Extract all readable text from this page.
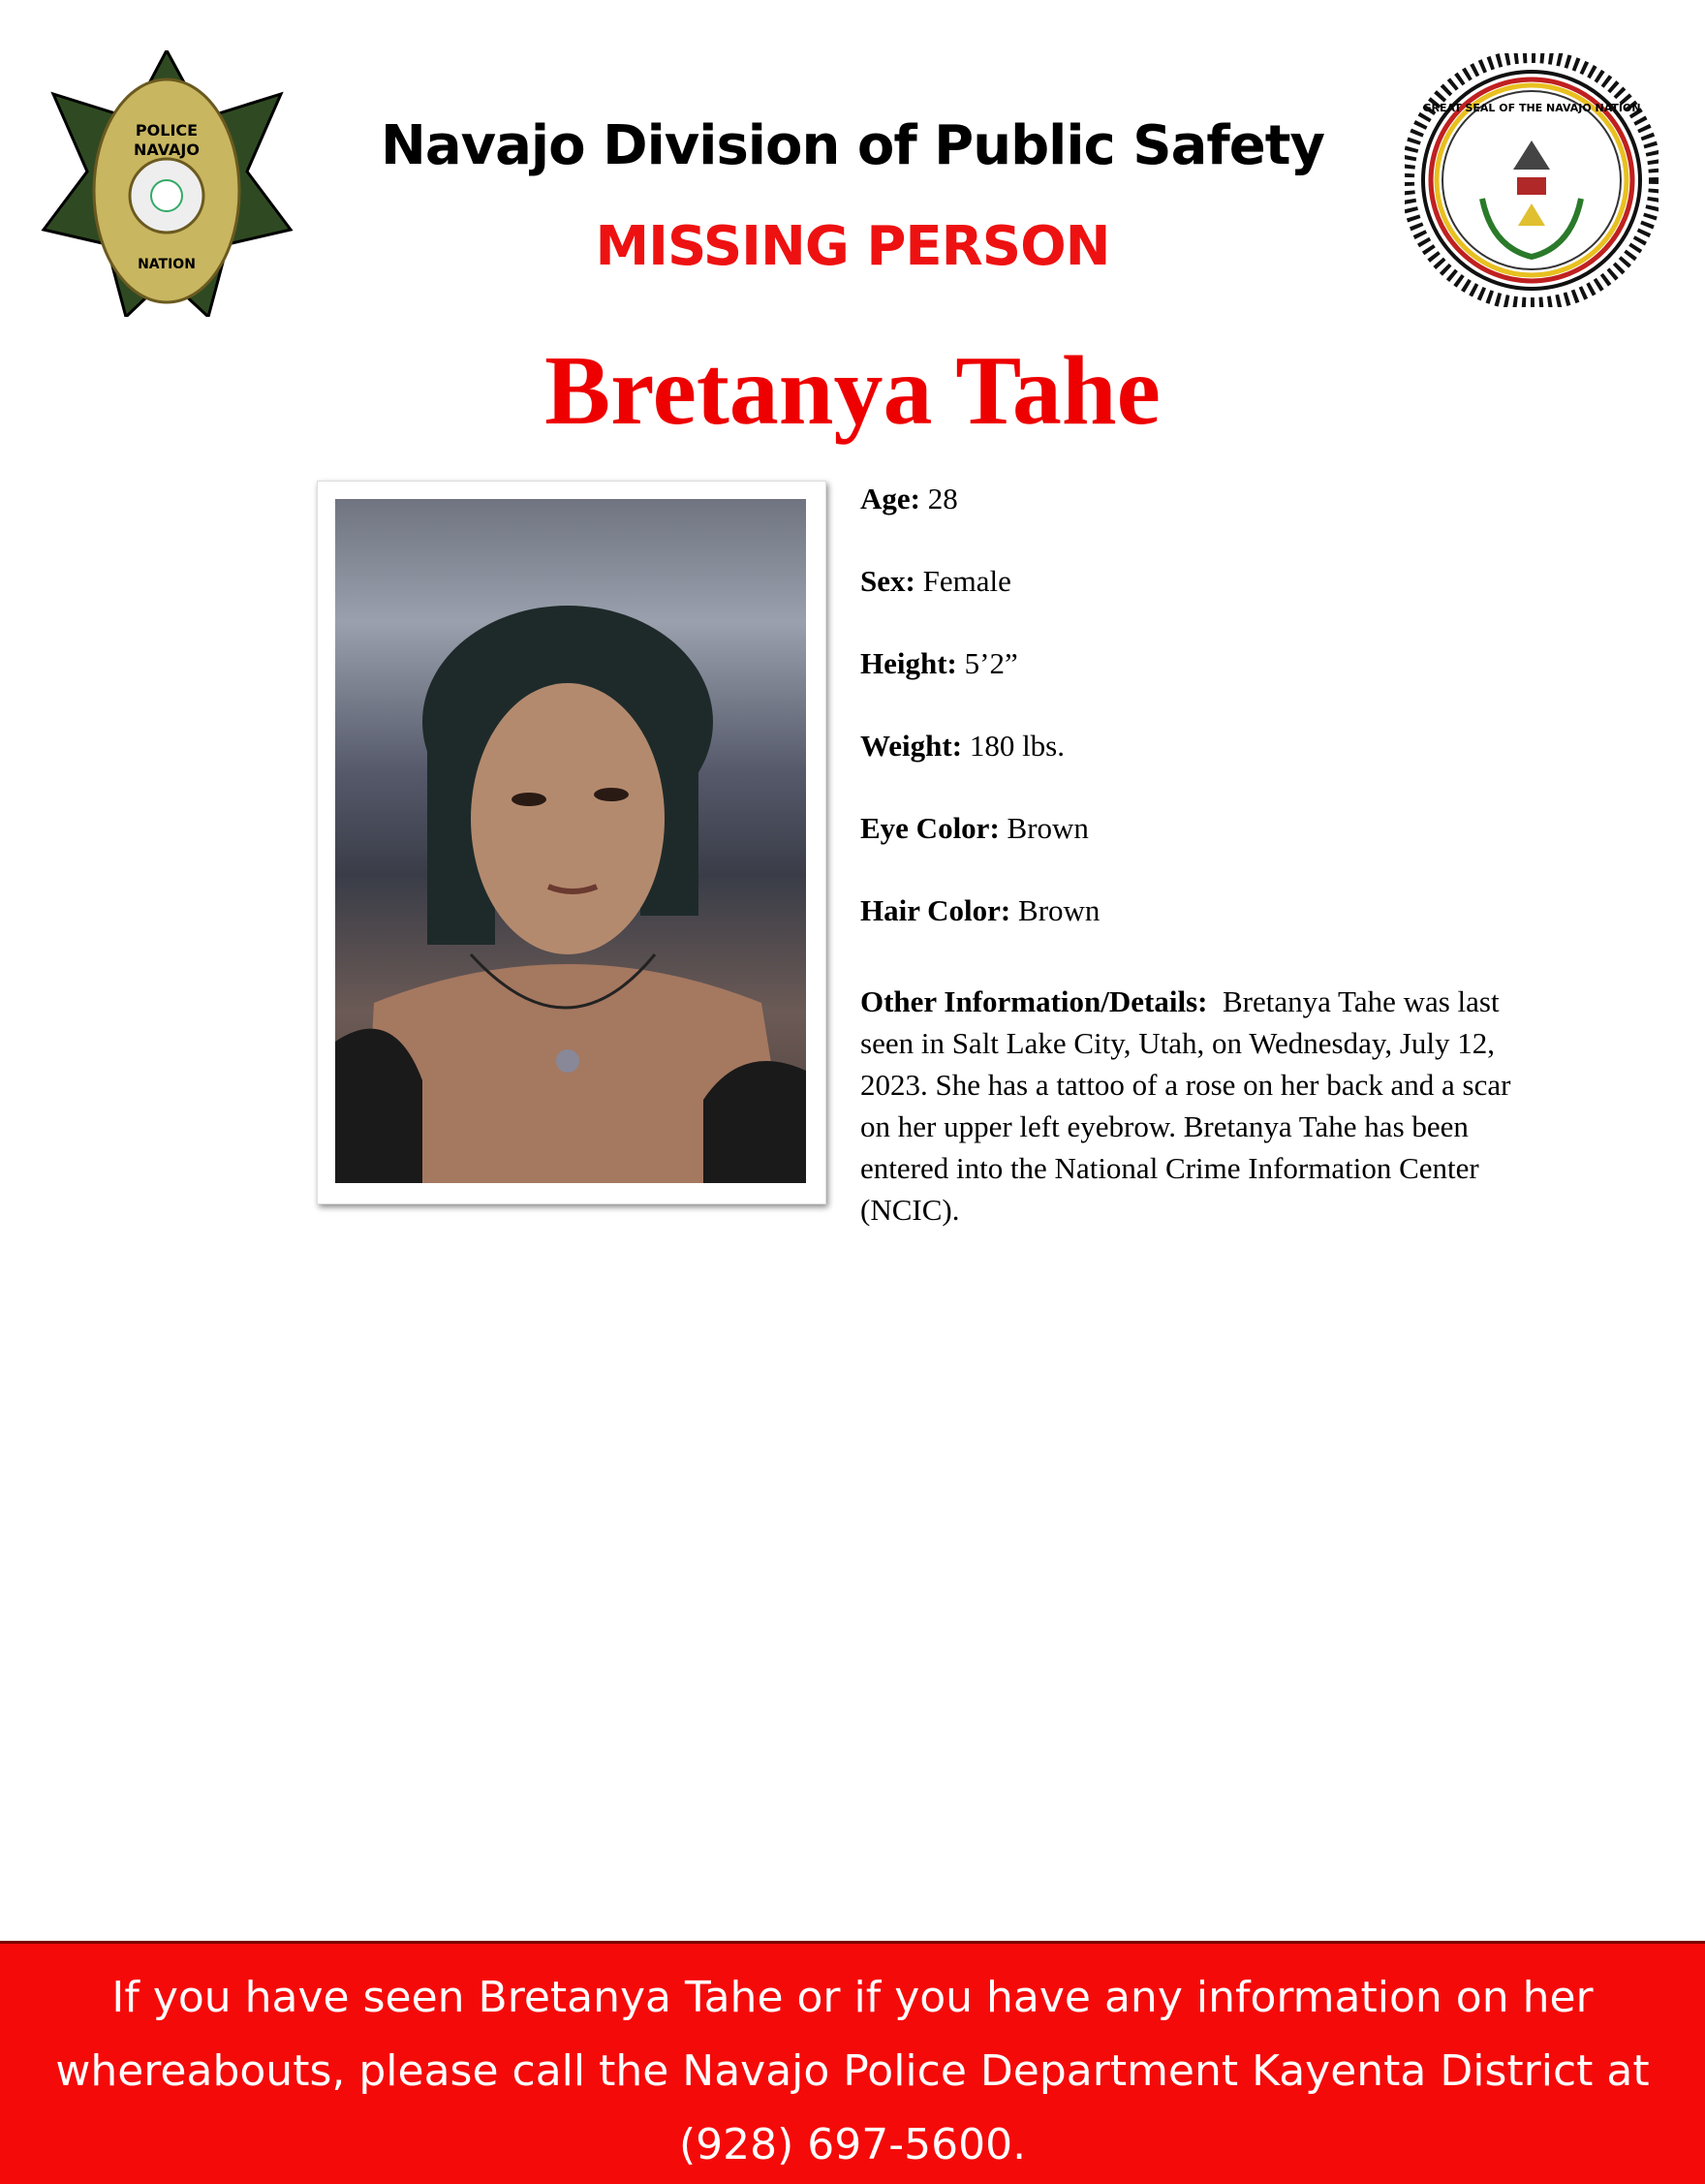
POLICE
NAVAJO
NATION
Navajo Division of Public Safety
MISSING PERSON
GREAT SEAL OF THE NAVAJO NATION
Bretanya Tahe
Age: 28
Sex: Female
Height: 5’2”
Weight: 180 lbs.
Eye Color: Brown
Hair Color: Brown
Other Information/Details: Bretanya Tahe was last seen in Salt Lake City, Utah, on Wednesday, July 12, 2023. She has a tattoo of a rose on her back and a scar on her upper left eyebrow. Bretanya Tahe has been entered into the National Crime Information Center (NCIC).
If you have seen Bretanya Tahe or if you have any information on her whereabouts, please call the Navajo Police Department Kayenta District at (928) 697-5600.
